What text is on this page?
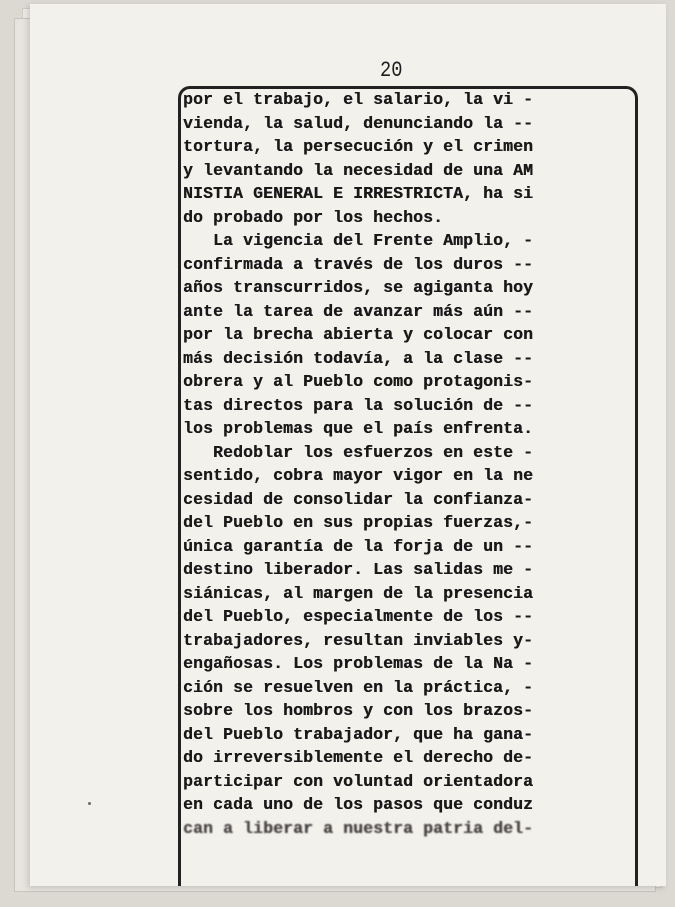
20
por el trabajo, el salario, la vi -
vienda, la salud, denunciando la --
tortura, la persecución y el crimen
y levantando la necesidad de una AM
NISTIA GENERAL E IRRESTRICTA, ha si
do probado por los hechos.
La vigencia del Frente Amplio, -
confirmada a través de los duros --
años transcurridos, se agiganta hoy
ante la tarea de avanzar más aún --
por la brecha abierta y colocar con
más decisión todavía, a la clase --
obrera y al Pueblo como protagonis-
tas directos para la solución de --
los problemas que el país enfrenta.
Redoblar los esfuerzos en este -
sentido, cobra mayor vigor en la ne
cesidad de consolidar la confianza-
del Pueblo en sus propias fuerzas,-
única garantía de la forja de un --
destino liberador. Las salidas me -
siánicas, al margen de la presencia
del Pueblo, especialmente de los --
trabajadores, resultan inviables y-
engañosas. Los problemas de la Na -
ción se resuelven en la práctica, -
sobre los hombros y con los brazos-
del Pueblo trabajador, que ha gana-
do irreversiblemente el derecho de-
participar con voluntad orientadora
en cada uno de los pasos que conduz
can a liberar a nuestra patria del-
